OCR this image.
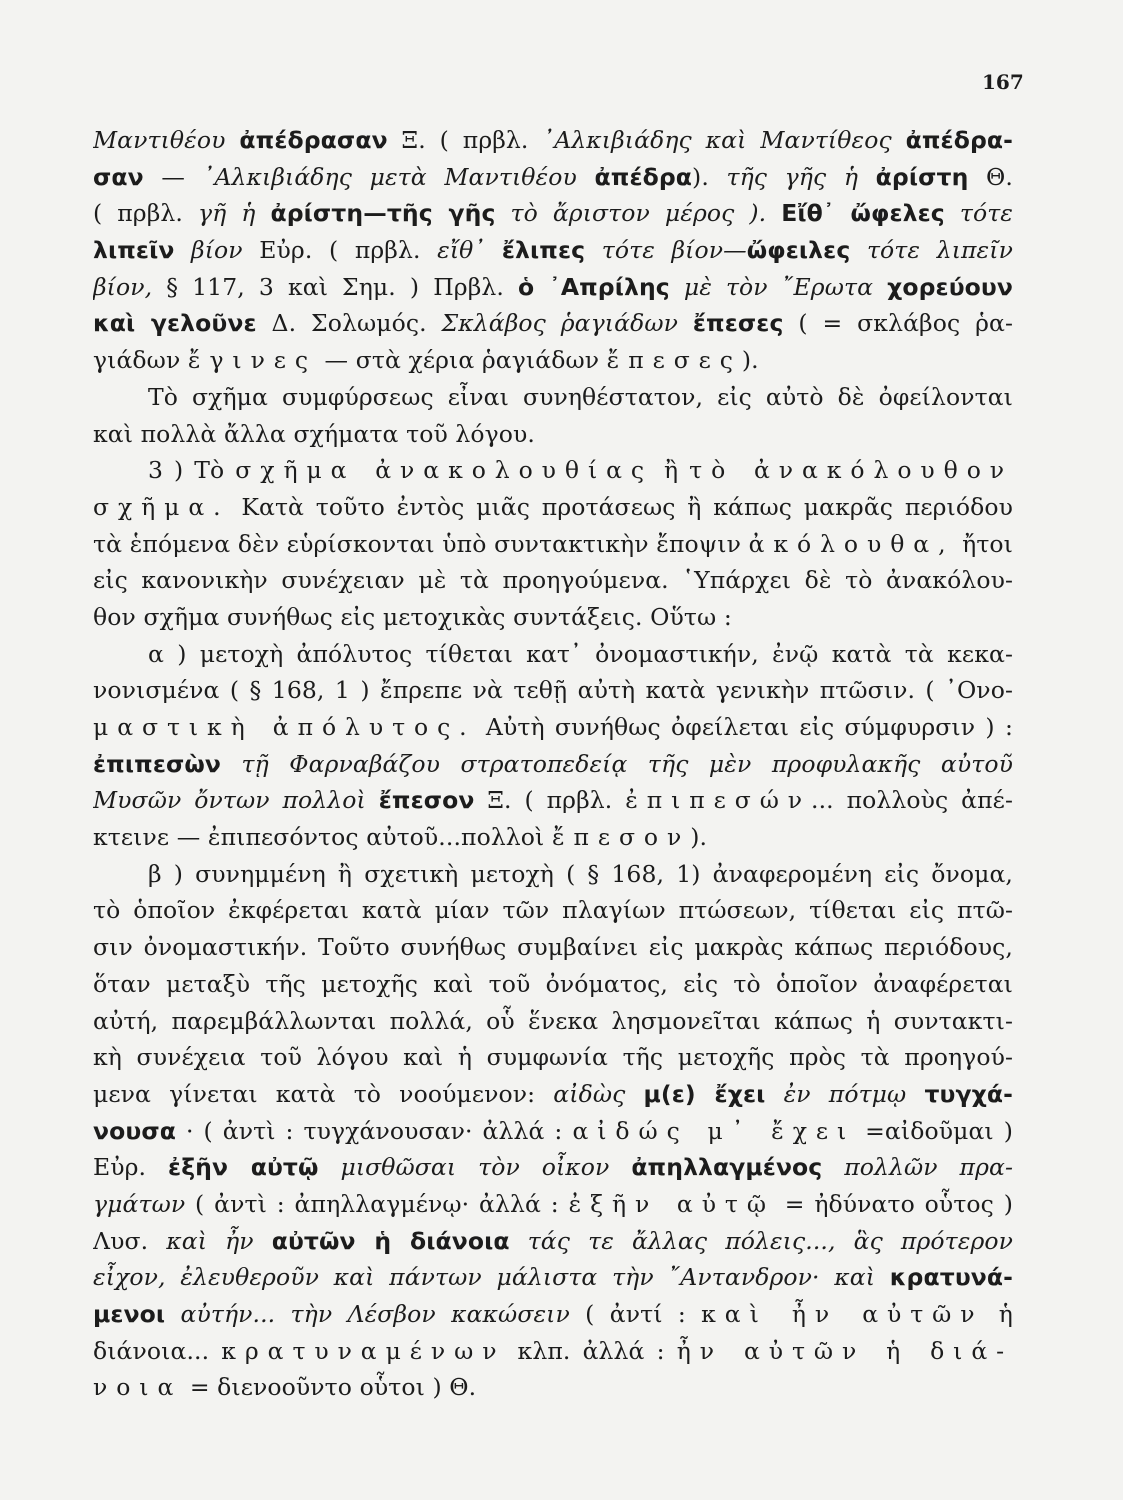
167
Μαντιθέου ἀπέδρασαν Ξ. ( πρβλ. ᾿Αλκιβιάδης καὶ Μαντίθεος ἀπέδρα-
σαν — ᾿Αλκιβιάδης μετὰ Μαντιθέου ἀπέδρα). τῆς γῆς ἡ ἀρίστη Θ.
( πρβλ. γῆ ἡ ἀρίστη—τῆς γῆς τὸ ἄριστον μέρος ). Εἴθ᾿ ὤφελες τότε
λιπεῖν βίον Εὐρ. ( πρβλ. εἴθ᾿ ἔλιπες τότε βίον—ὤφειλες τότε λιπεῖν
βίον, § 117, 3 καὶ Σημ. ) Πρβλ. ὁ ᾿Απρίλης μὲ τὸν ῎Ερωτα χορεύουν
καὶ γελοῦνε Δ. Σολωμός. Σκλάβος ῥαγιάδων ἔπεσες ( = σκλάβος ῥα-
γιάδων ἔγινες — στὰ χέρια ῥαγιάδων ἔπεσες).
Τὸ σχῆμα συμφύρσεως εἶναι συνηθέστατον, εἰς αὐτὸ δὲ ὀφείλονται
καὶ πολλὰ ἄλλα σχήματα τοῦ λόγου.
3 ) Τὸ σχῆμα ἀνακολουθίας ἢ τὸ ἀνακόλουθον
σχῆμα. Κατὰ τοῦτο ἐντὸς μιᾶς προτάσεως ἢ κάπως μακρᾶς περιόδου
τὰ ἑπόμενα δὲν εὑρίσκονται ὑπὸ συντακτικὴν ἔποψιν ἀκόλουθα, ἤτοι
εἰς κανονικὴν συνέχειαν μὲ τὰ προηγούμενα. ῾Υπάρχει δὲ τὸ ἀνακόλου-
θον σχῆμα συνήθως εἰς μετοχικὰς συντάξεις. Οὕτω :
α ) μετοχὴ ἀπόλυτος τίθεται κατ᾿ ὀνομαστικήν, ἐνῷ κατὰ τὰ κεκα-
νονισμένα ( § 168, 1 ) ἔπρεπε νὰ τεθῇ αὐτὴ κατὰ γενικὴν πτῶσιν. ( ᾿Ονο-
μαστικὴ ἀπόλυτος. Αὐτὴ συνήθως ὀφείλεται εἰς σύμφυρσιν ) :
ἐπιπεσὼν τῇ Φαρναβάζου στρατοπεδείᾳ τῆς μὲν προφυλακῆς αὐτοῦ
Μυσῶν ὄντων πολλοὶ ἔπεσον Ξ. ( πρβλ. ἐπιπεσών... πολλοὺς ἀπέ-
κτεινε — ἐπιπεσόντος αὐτοῦ...πολλοὶ ἔπεσον).
β ) συνημμένη ἢ σχετικὴ μετοχὴ ( § 168, 1) ἀναφερομένη εἰς ὄνομα,
τὸ ὁποῖον ἐκφέρεται κατὰ μίαν τῶν πλαγίων πτώσεων, τίθεται εἰς πτῶ-
σιν ὀνομαστικήν. Τοῦτο συνήθως συμβαίνει εἰς μακρὰς κάπως περιόδους,
ὅταν μεταξὺ τῆς μετοχῆς καὶ τοῦ ὀνόματος, εἰς τὸ ὁποῖον ἀναφέρεται
αὐτή, παρεμβάλλωνται πολλά, οὗ ἕνεκα λησμονεῖται κάπως ἡ συντακτι-
κὴ συνέχεια τοῦ λόγου καὶ ἡ συμφωνία τῆς μετοχῆς πρὸς τὰ προηγού-
μενα γίνεται κατὰ τὸ νοούμενον: αἰδὼς μ(ε) ἔχει ἐν πότμῳ τυγχά-
νουσα · ( ἀντὶ : τυγχάνουσαν· ἀλλά : αἰδώς μ᾿ ἔχει =αἰδοῦμαι )
Εὐρ. ἐξῆν αὐτῷ μισθῶσαι τὸν οἶκον ἀπηλλαγμένος πολλῶν πρα-
γμάτων ( ἀντὶ : ἀπηλλαγμένῳ· ἀλλά : ἐξῆν αὐτῷ = ἠδύνατο οὗτος )
Λυσ. καὶ ἦν αὐτῶν ἡ διάνοια τάς τε ἄλλας πόλεις..., ἃς πρότερον
εἶχον, ἐλευθεροῦν καὶ πάντων μάλιστα τὴν ῎Αντανδρον· καὶ κρατυνά-
μενοι αὐτήν... τὴν Λέσβον κακώσειν ( ἀντί : καὶ ἦν αὐτῶν ἡ
διάνοια... κρατυναμένων κλπ. ἀλλά : ἦν αὐτῶν ἡ διά-
νοια = διενοοῦντο οὗτοι ) Θ.
